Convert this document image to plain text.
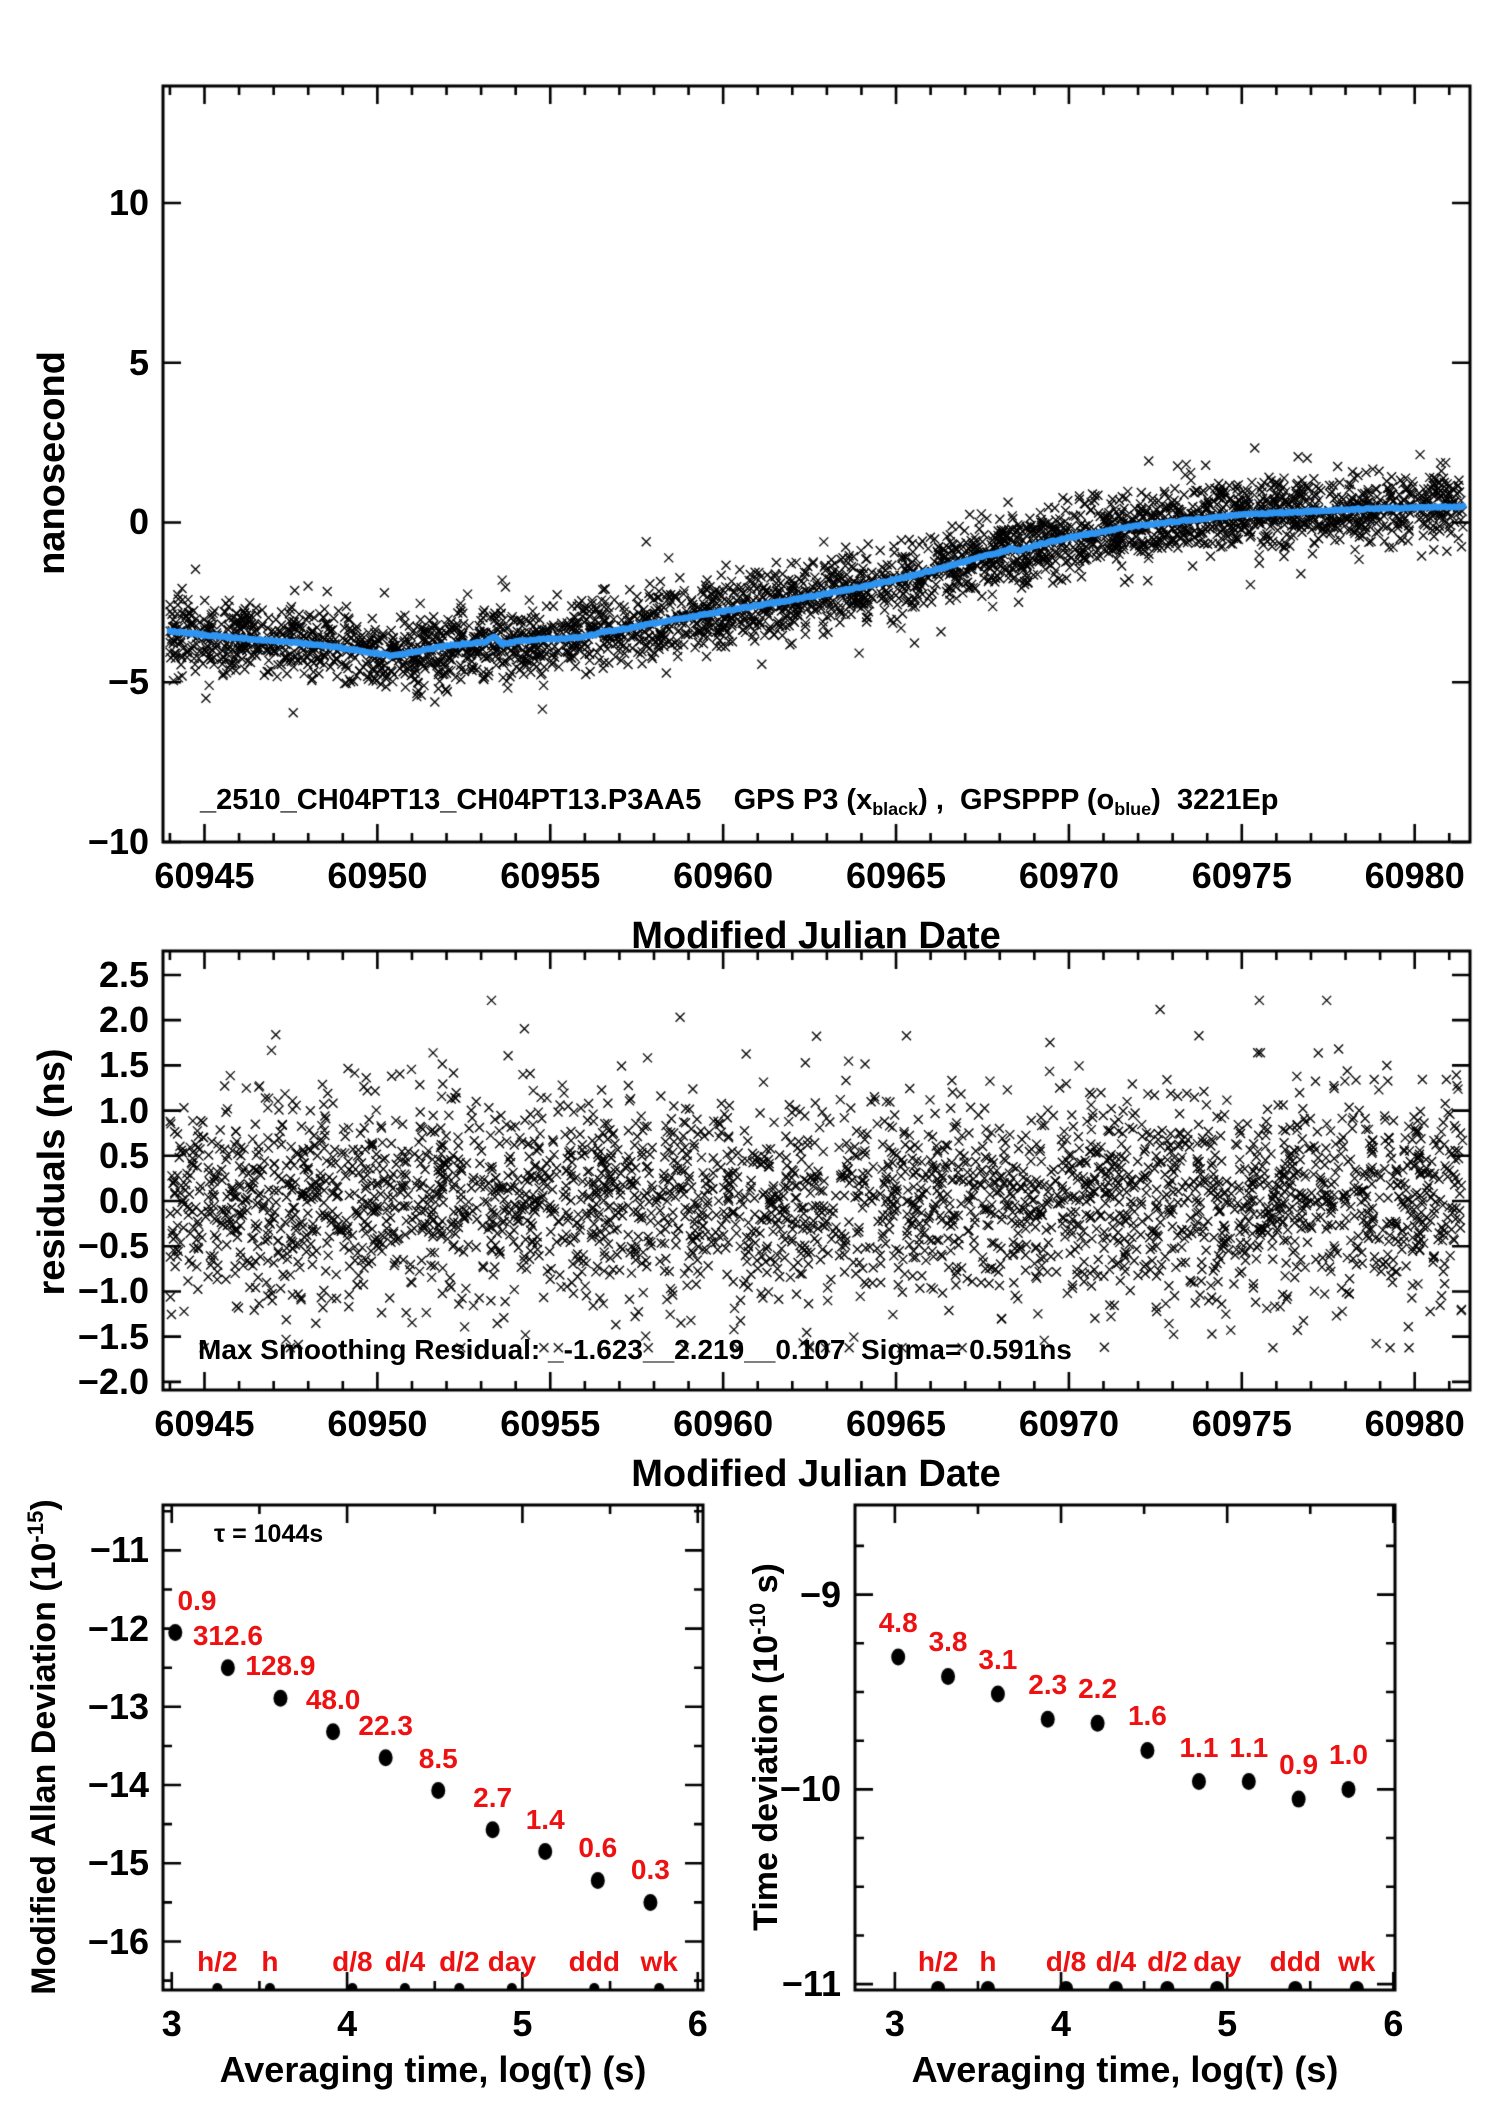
nanosecond
_2510_CH04PT13_CH04PT13.P3AA5    GPS P3 $(x_{black})$ ,  GPSPPP $(o_{blue})$  3221Ep
Modified Julian Date
residuals (ns)
Max Smoothing Residual: _-1.623__2.219__0.107  Sigma= 0.591ns
Modified Julian Date
Modified Allan Deviation $(10^{-15})$
τ = 1044s
Averaging time, log(τ) (s)
Time deviation ($10^{-10}$ s)
Averaging time, log(τ) (s)
60945 60950 60955 60960 60965 60970 60975 60980
10
5
0
−5
−10
60945 60950 60955 60960 60965 60970 60975 60980
2.5
2.0
1.5
1.0
0.5
0.0
−0.5
−1.0
−1.5
−2.0
3	4	5	6
−11
−12
−13
−14
−15
−16
0.9
312.6
128.9
48.0
22.3
8.5
2.7
1.4
0.6
0.3
h/2 h d/8 d/4 d/2 day ddd wk
3	4	5	6
−9
−10
−11
4.8
3.8
3.1
2.3 2.2
1.6
1.1 1.1
0.9 1.0
h/2 h d/8 d/4 d/2 day ddd wk
